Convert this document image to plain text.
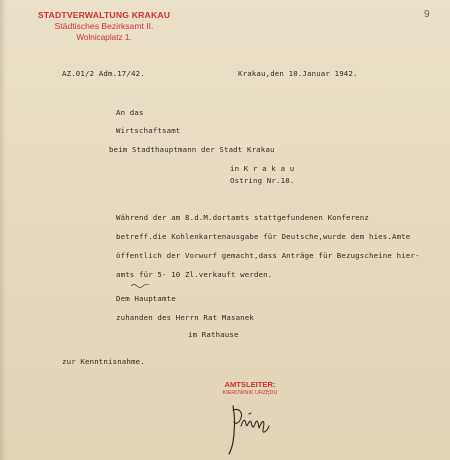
STADTVERWALTUNG KRAKAU
Städtisches Bezirksamt II.
Wolnicaplatz 1.
9
AZ.01/2 Adm.17/42.	Krakau,den 10.Januar 1942.
An das
Wirtschaftsamt
beim Stadthauptmann der Stadt Krakau
in K r a k a u
Ostring Nr.18.
Während der am 8.d.M.dortamts stattgefundenen Konferenz
betreff.die Kohlenkartenausgabe für Deutsche,wurde dem hies.Amte
öffentlich der Vorwurf gemacht,dass Anträge für Bezugscheine hier-
amts für 5- 10 Zl.verkauft werden.
Dem Hauptamte
zuhanden des Herrn Rat Masanek
im Rathause
zur Kenntnisnahme.
AMTSLEITER:
KIEROWNIK URZĘDU
